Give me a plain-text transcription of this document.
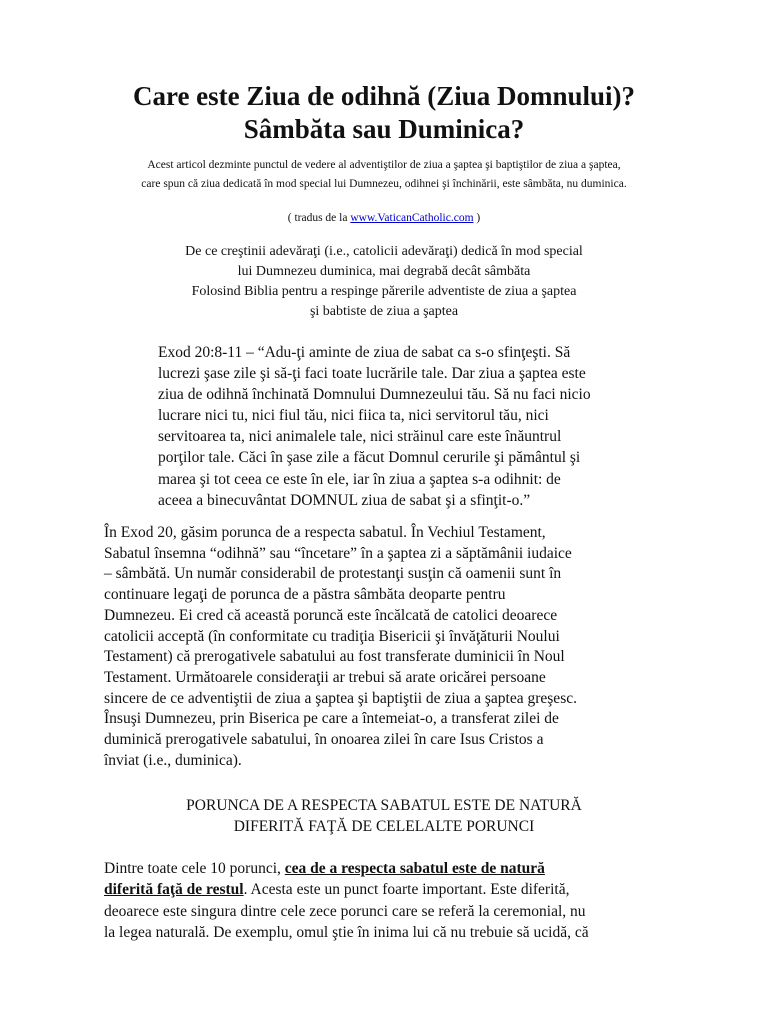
Care este Ziua de odihnă (Ziua Domnului)?
Sâmbăta sau Duminica?
Acest articol dezminte punctul de vedere al adventiştilor de ziua a şaptea şi baptiştilor de ziua a şaptea,
care spun că ziua dedicată în mod special lui Dumnezeu, odihnei şi închinării, este sâmbăta, nu duminica.
( tradus de la www.VaticanCatholic.com )
De ce creştinii adevăraţi (i.e., catolicii adevăraţi) dedică în mod special
lui Dumnezeu duminica, mai degrabă decât sâmbăta
Folosind Biblia pentru a respinge părerile adventiste de ziua a şaptea
şi babtiste de ziua a şaptea
Exod 20:8-11 – “Adu-ţi aminte de ziua de sabat ca s-o sfinţeşti. Să
lucrezi şase zile şi să-ţi faci toate lucrările tale. Dar ziua a şaptea este
ziua de odihnă închinată Domnului Dumnezeului tău. Să nu faci nicio
lucrare nici tu, nici fiul tău, nici fiica ta, nici servitorul tău, nici
servitoarea ta, nici animalele tale, nici străinul care este înăuntrul
porţilor tale. Căci în şase zile a făcut Domnul cerurile şi pământul şi
marea şi tot ceea ce este în ele, iar în ziua a şaptea s-a odihnit: de
aceea a binecuvântat DOMNUL ziua de sabat şi a sfinţit-o.”
În Exod 20, găsim porunca de a respecta sabatul. În Vechiul Testament,
Sabatul însemna “odihnă” sau “încetare” în a şaptea zi a săptămânii iudaice
– sâmbătă. Un număr considerabil de protestanţi susţin că oamenii sunt în
continuare legaţi de porunca de a păstra sâmbăta deoparte pentru
Dumnezeu. Ei cred că această poruncă este încălcată de catolici deoarece
catolicii acceptă (în conformitate cu tradiţia Bisericii şi învăţăturii Noului
Testament) că prerogativele sabatului au fost transferate duminicii în Noul
Testament. Următoarele consideraţii ar trebui să arate oricărei persoane
sincere de ce adventiştii de ziua a şaptea şi baptiştii de ziua a şaptea greşesc.
Însuşi Dumnezeu, prin Biserica pe care a întemeiat-o, a transferat zilei de
duminică prerogativele sabatului, în onoarea zilei în care Isus Cristos a
înviat (i.e., duminica).
PORUNCA DE A RESPECTA SABATUL ESTE DE NATURĂ
DIFERITĂ FAŢĂ DE CELELALTE PORUNCI
Dintre toate cele 10 porunci, cea de a respecta sabatul este de natură
diferită faţă de restul. Acesta este un punct foarte important. Este diferită,
deoarece este singura dintre cele zece porunci care se referă la ceremonial, nu
la legea naturală. De exemplu, omul ştie în inima lui că nu trebuie să ucidă, că
